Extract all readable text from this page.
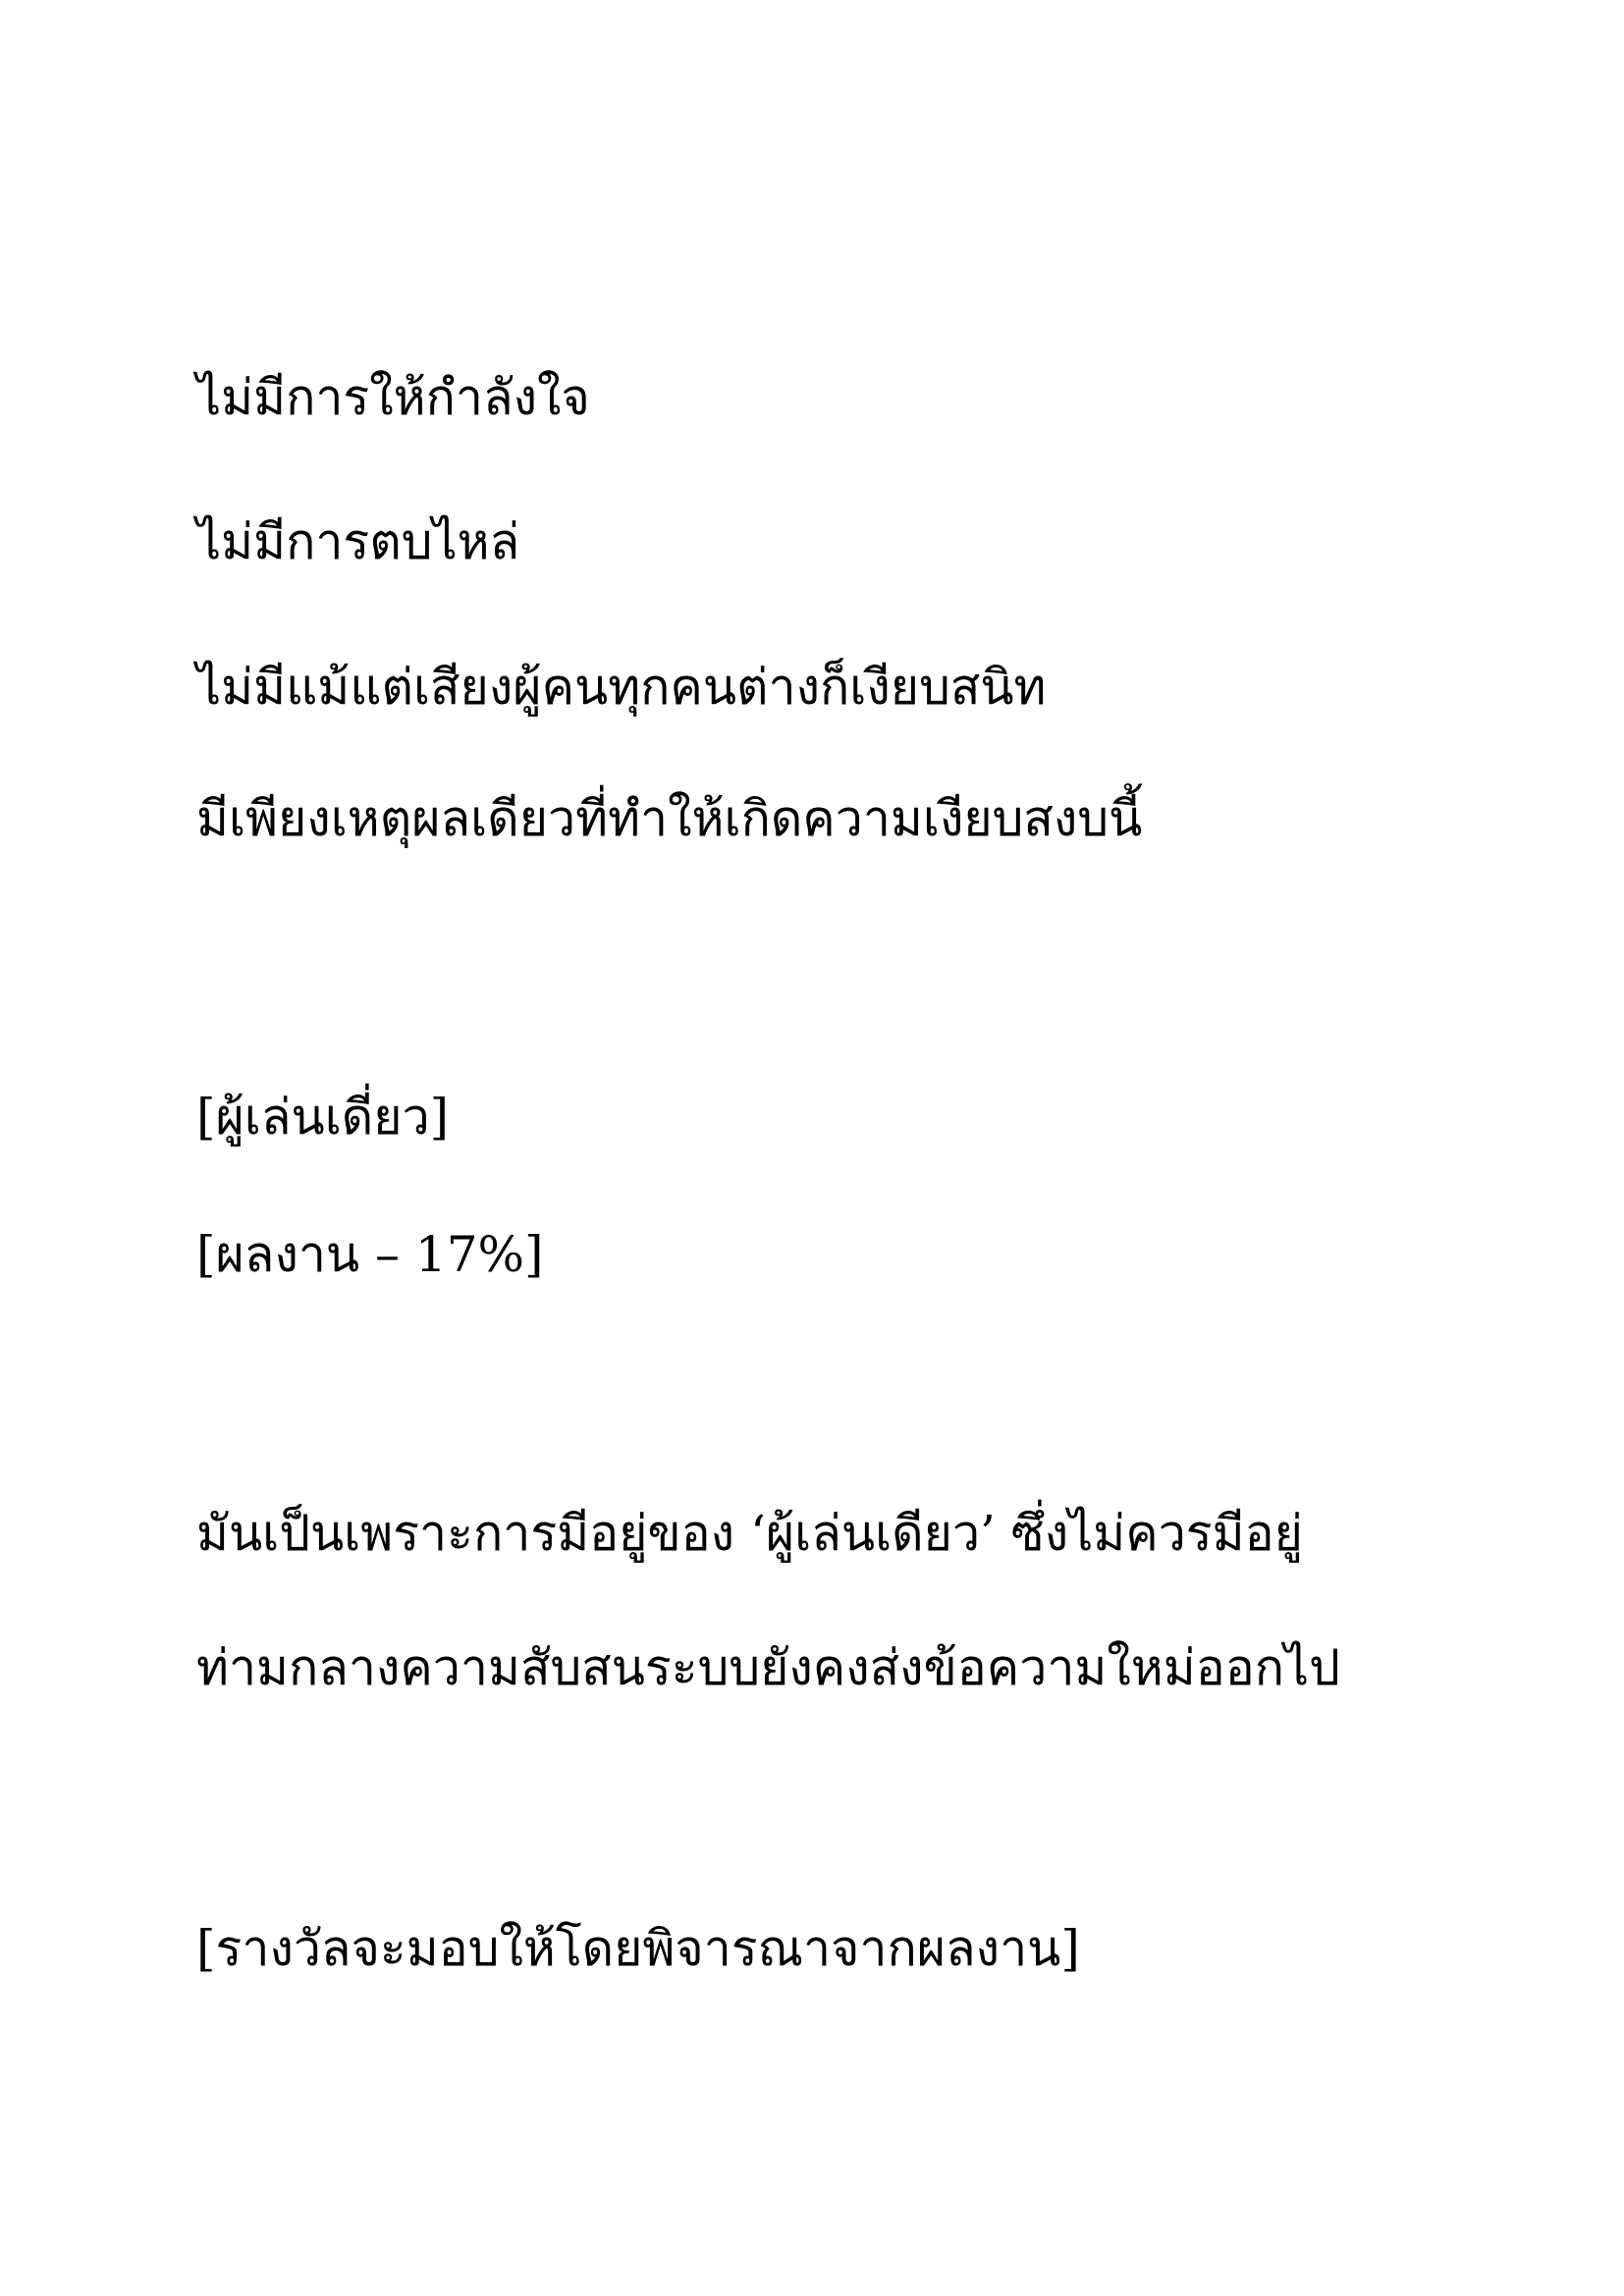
ไม่มีการให้กำลังใจ

ไม่มีการตบไหล่

ไม่มีแม้แต่เสียงผู้คนทุกคนต่างก็เงียบสนิท

มีเพียงเหตุผลเดียวที่ทำให้เกิดความเงียบสงบนี้

[ผู้เล่นเดี่ยว]

[ผลงาน – 17%]

มันเป็นเพราะการมีอยู่ของ ‘ผู้เล่นเดียว’ ซึ่งไม่ควรมีอยู่

ท่ามกลางความสับสนระบบยังคงส่งข้อความใหม่ออกไป

[รางวัลจะมอบให้โดยพิจารณาจากผลงาน]
